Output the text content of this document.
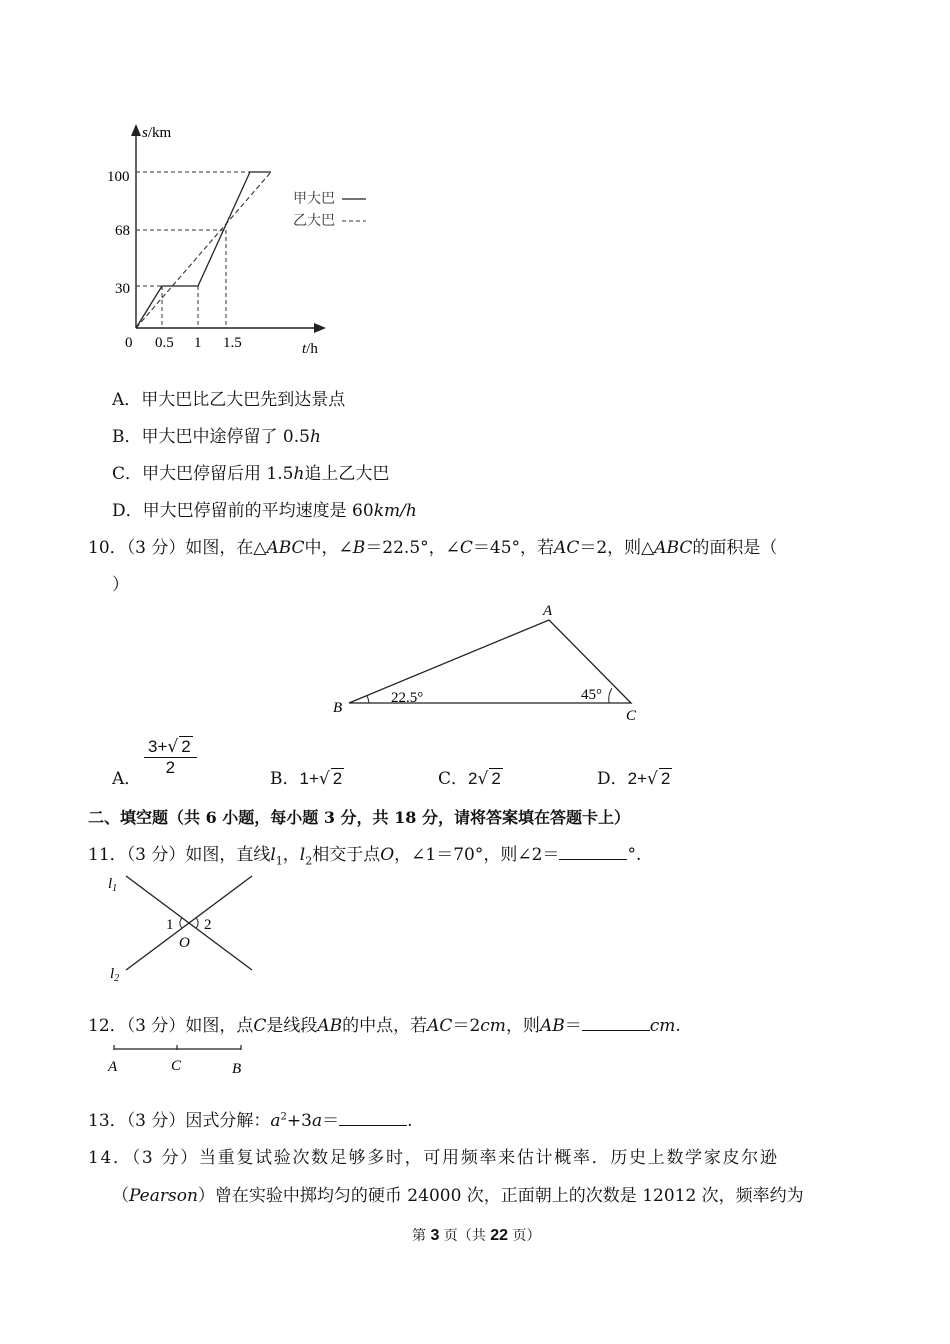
s/km
t/h
100
68
30
0 0.5 1 1.5
甲大巴
乙大巴
A．甲大巴比乙大巴先到达景点
B．甲大巴中途停留了 0.5h
C．甲大巴停留后用 1.5h追上乙大巴
D．甲大巴停留前的平均速度是 60km/h
10．（3 分）如图，在△ABC中，∠B＝22.5°，∠C＝45°，若AC＝2，则△ABC的面积是（
）
A
B	C
22.5°	45°
A．
$\frac{3+√ 2}{2}$
B．1+√ 2	C．2√ 2	D．2+√ 2
二、填空题（共 6 小题，每小题 3 分，共 18 分，请将答案填在答题卡上）
11．（3 分）如图，直线$l_1$，$l_2$相交于点O，∠1＝70°，则∠2＝	°.
$l_1$
$l_2$
1 2
O
12．（3 分）如图，点C是线段AB的中点，若AC＝2cm，则AB＝	cm.
A	C	B
13．（3 分）因式分解：$a^2+3a=$	.
14．（3 分）当重复试验次数足够多时，可用频率来估计概率．历史上数学家皮尔逊
（Pearson）曾在实验中掷均匀的硬币 24000 次，正面朝上的次数是 12012 次，频率约为
第 3 页（共 22 页）
